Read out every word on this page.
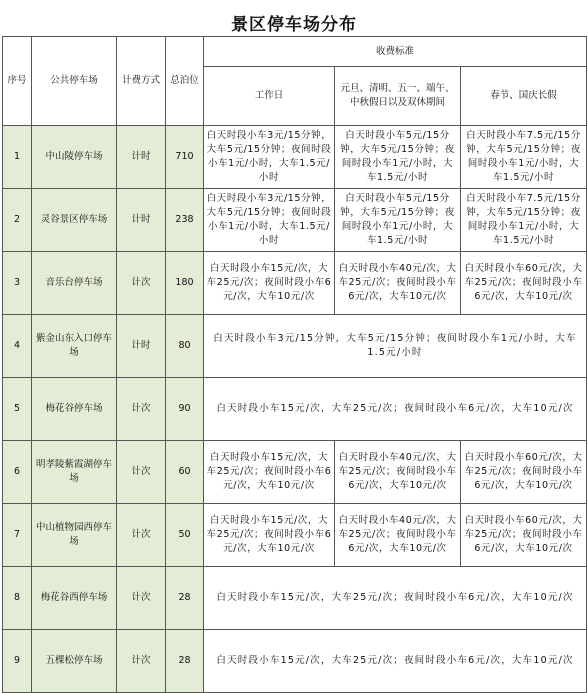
景区停车场分布
序号	公共停车场	计费方式	总泊位	收费标准		
				工作日	元旦、清明、五一、端午、中秋假日以及双休期间	春节、国庆长假
1	中山陵停车场	计时	710	白天时段小车3元/15分钟，大车5元/15分钟；夜间时段小车1元/小时，大车1.5元/小时	白天时段小车5元/15分钟，大车5元/15分钟；夜间时段小车1元/小时，大车1.5元/小时	白天时段小车7.5元/15分钟，大车5元/15分钟；夜间时段小车1元/小时，大车1.5元/小时
2	灵谷景区停车场	计时	238	白天时段小车3元/15分钟，大车5元/15分钟；夜间时段小车1元/小时，大车1.5元/小时	白天时段小车5元/15分钟，大车5元/15分钟；夜间时段小车1元/小时，大车1.5元/小时	白天时段小车7.5元/15分钟，大车5元/15分钟；夜间时段小车1元/小时，大车1.5元/小时
3	音乐台停车场	计次	180	白天时段小车15元/次，大车25元/次；夜间时段小车6元/次，大车10元/次	白天时段小车40元/次，大车25元/次；夜间时段小车6元/次，大车10元/次	白天时段小车60元/次，大车25元/次；夜间时段小车6元/次，大车10元/次
4	紫金山东入口停车场	计时	80	白天时段小车3元/15分钟，大车5元/15分钟；夜间时段小车1元/小时，大车1.5元/小时		
5	梅花谷停车场	计次	90	白天时段小车15元/次，大车25元/次；夜间时段小车6元/次，大车10元/次		
6	明孝陵紫霞湖停车场	计次	60	白天时段小车15元/次，大车25元/次；夜间时段小车6元/次，大车10元/次	白天时段小车40元/次，大车25元/次；夜间时段小车6元/次，大车10元/次	白天时段小车60元/次，大车25元/次；夜间时段小车6元/次，大车10元/次
7	中山植物园西停车场	计次	50	白天时段小车15元/次，大车25元/次；夜间时段小车6元/次，大车10元/次	白天时段小车40元/次，大车25元/次；夜间时段小车6元/次，大车10元/次	白天时段小车60元/次，大车25元/次；夜间时段小车6元/次，大车10元/次
8	梅花谷西停车场	计次	28	白天时段小车15元/次，大车25元/次；夜间时段小车6元/次，大车10元/次		
9	五棵松停车场	计次	28	白天时段小车15元/次，大车25元/次；夜间时段小车6元/次，大车10元/次		
